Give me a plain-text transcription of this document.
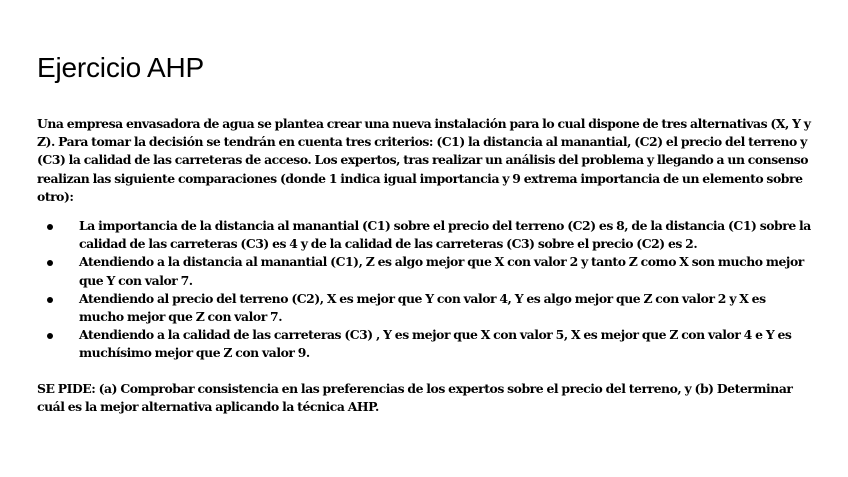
Ejercicio AHP

Una empresa envasadora de agua se plantea crear una nueva instalación para lo cual dispone de tres alternativas (X, Y y Z). Para tomar la decisión se tendrán en cuenta tres criterios: (C1) la distancia al manantial, (C2) el precio del terreno y (C3) la calidad de las carreteras de acceso. Los expertos, tras realizar un análisis del problema y llegando a un consenso realizan las siguiente comparaciones (donde 1 indica igual importancia y 9 extrema importancia de un elemento sobre otro):

La importancia de la distancia al manantial (C1) sobre el precio del terreno (C2) es 8, de la distancia (C1) sobre la calidad de las carreteras (C3) es 4 y de la calidad de las carreteras (C3) sobre el precio (C2) es 2.
Atendiendo a la distancia al manantial (C1), Z es algo mejor que X con valor 2 y tanto Z como X son mucho mejor que Y con valor 7.
Atendiendo al precio del terreno (C2), X es mejor que Y con valor 4, Y es algo mejor que Z con valor 2 y X es mucho mejor que Z con valor 7.
Atendiendo a la calidad de las carreteras (C3) , Y es mejor que X con valor 5, X es mejor que Z con valor 4 e Y es muchísimo mejor que Z con valor 9.

SE PIDE: (a) Comprobar consistencia en las preferencias de los expertos sobre el precio del terreno, y (b) Determinar cuál es la mejor alternativa aplicando la técnica AHP.
